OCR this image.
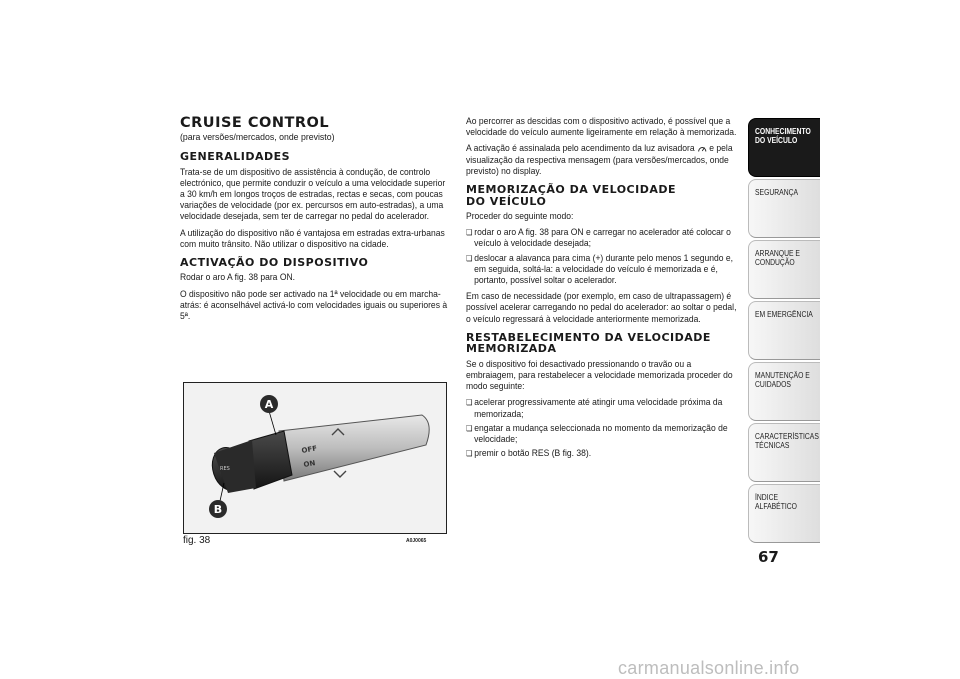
CRUISE CONTROL
(para versões/mercados, onde previsto)
GENERALIDADES

Trata-se de um dispositivo de assistência à condução, de controlo electrónico, que permite conduzir o veículo a uma velocidade superior a 30 km/h em longos troços de estradas, rectas e secas, com poucas variações de velocidade (por ex. percursos em auto-estradas), a uma velocidade desejada, sem ter de carregar no pedal do acelerador.

A utilização do dispositivo não é vantajosa em estradas extra-urbanas com muito trânsito. Não utilizar o dispositivo na cidade.

ACTIVAÇÃO DO DISPOSITIVO

Rodar o aro A fig. 38 para ON.

O dispositivo não pode ser activado na 1ª velocidade ou em marcha-atrás: é aconselhável activá-lo com velocidades iguais ou superiores à 5ª.

OFF
ON
RES
A
B
fig. 38	A0J0065

Ao percorrer as descidas com o dispositivo activado, é possível que a velocidade do veículo aumente ligeiramente em relação à memorizada.

A activação é assinalada pelo acendimento da luz avisadora e pela visualização da respectiva mensagem (para versões/mercados, onde previsto) no display.

MEMORIZAÇÃO DA VELOCIDADE
DO VEÍCULO

Proceder do seguinte modo:

❏ rodar o aro A fig. 38 para ON e carregar no acelerador até colocar o veículo à velocidade desejada;
❏ deslocar a alavanca para cima (+) durante pelo menos 1 segundo e, em seguida, soltá-la: a velocidade do veículo é memorizada e é, portanto, possível soltar o acelerador.

Em caso de necessidade (por exemplo, em caso de ultrapassagem) é possível acelerar carregando no pedal do acelerador: ao soltar o pedal, o veículo regressará à velocidade anteriormente memorizada.

RESTABELECIMENTO DA VELOCIDADE
MEMORIZADA

Se o dispositivo foi desactivado pressionando o travão ou a embraiagem, para restabelecer a velocidade memorizada proceder do modo seguinte:

❏ acelerar progressivamente até atingir uma velocidade próxima da memorizada;
❏ engatar a mudança seleccionada no momento da memorização de velocidade;
❏ premir o botão RES (B fig. 38).
CONHECIMENTO DO VEÍCULO
SEGURANÇA
ARRANQUE E CONDUÇÃO
EM EMERGÊNCIA
MANUTENÇÃO E CUIDADOS
CARACTERÍSTICAS TÉCNICAS
ÍNDICE ALFABÉTICO
67
carmanualsonline.info
